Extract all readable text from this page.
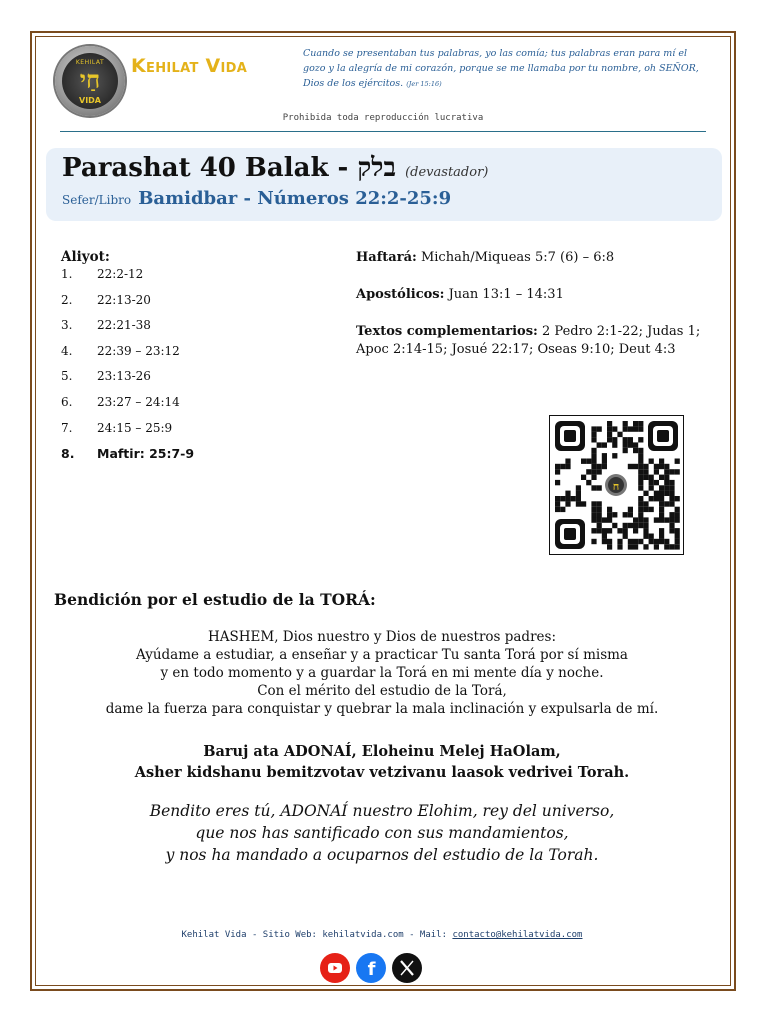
KEHILAT
חַי
VIDA
Kehilat Vida
Cuando se presentaban tus palabras, yo las comía; tus palabras eran para mí el gozo y la alegría de mi corazón, porque se me llamaba por tu nombre, oh SEÑOR, Dios de los ejércitos. (Jer 15:16)
Prohibida toda reproducción lucrativa
Parashat 40 Balak - בלק (devastador)
Sefer/Libro Bamidbar - Números 22:2-25:9
Aliyot:
1.	22:2-12
2.	22:13-20
3.	22:21-38
4.	22:39 – 23:12
5.	23:13-26
6.	23:27 – 24:14
7.	24:15 – 25:9
8.	Maftir: 25:7-9
Haftará: Michah/Miqueas 5:7 (6) – 6:8
Apostólicos: Juan 13:1 – 14:31
Textos complementarios: 2 Pedro 2:1-22; Judas 1; Apoc 2:14-15; Josué 22:17; Oseas 9:10; Deut 4:3
ח
Bendición por el estudio de la TORÁ:
HASHEM, Dios nuestro y Dios de nuestros padres:
Ayúdame a estudiar, a enseñar y a practicar Tu santa Torá por sí misma
y en todo momento y a guardar la Torá en mi mente día y noche.
Con el mérito del estudio de la Torá,
dame la fuerza para conquistar y quebrar la mala inclinación y expulsarla de mí.
Baruj ata ADONAÍ, Eloheinu Melej HaOlam,
Asher kidshanu bemitzvotav vetzivanu laasok vedrivei Torah.
Bendito eres tú, ADONAÍ nuestro Elohim, rey del universo,
que nos has santificado con sus mandamientos,
y nos ha mandado a ocuparnos del estudio de la Torah.
Kehilat Vida - Sitio Web: kehilatvida.com - Mail: contacto@kehilatvida.com
f
